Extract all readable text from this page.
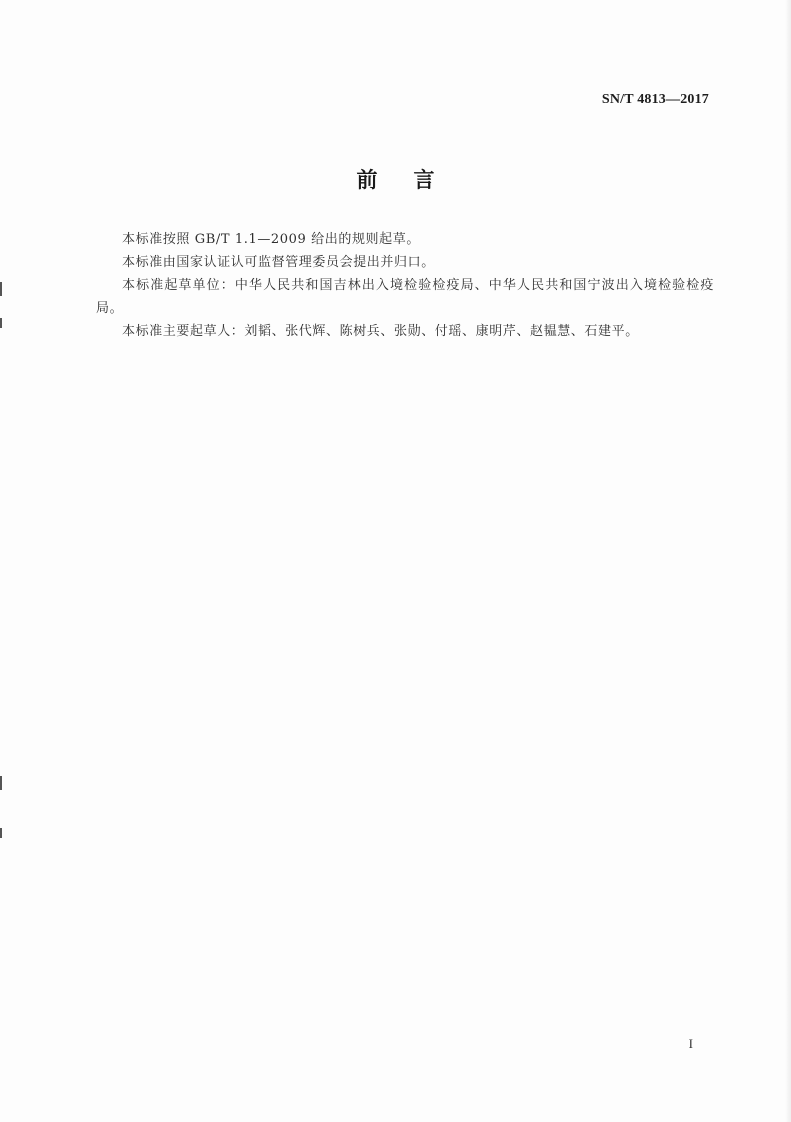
SN/T 4813—2017
前 言

本标准按照 GB/T 1.1—2009 给出的规则起草。

本标准由国家认证认可监督管理委员会提出并归口。

本标准起草单位：中华人民共和国吉林出入境检验检疫局、中华人民共和国宁波出入境检验检疫局。

本标准主要起草人：刘韬、张代辉、陈树兵、张勋、付瑶、康明芹、赵韫慧、石建平。

I
